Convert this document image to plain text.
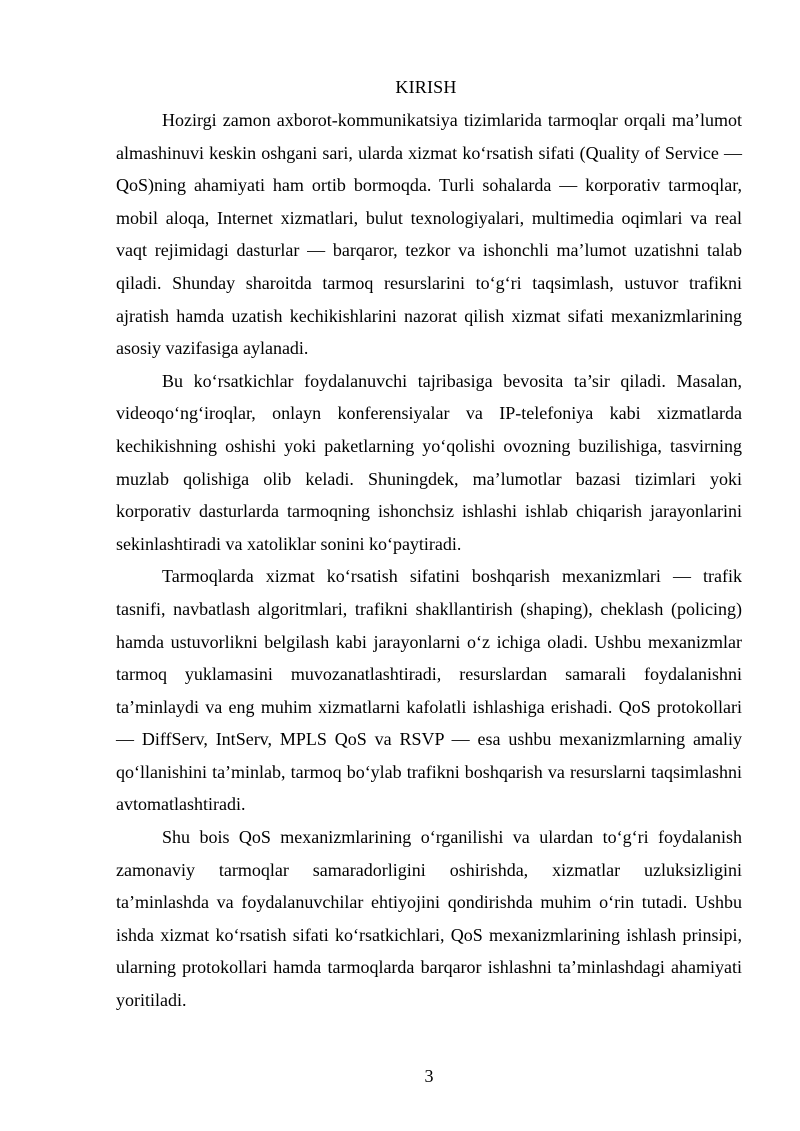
KIRISH

Hozirgi zamon axborot-kommunikatsiya tizimlarida tarmoqlar orqali ma’lumot almashinuvi keskin oshgani sari, ularda xizmat ko‘rsatish sifati (Quality of Service — QoS)ning ahamiyati ham ortib bormoqda. Turli sohalarda — korporativ tarmoqlar, mobil aloqa, Internet xizmatlari, bulut texnologiyalari, multimedia oqimlari va real vaqt rejimidagi dasturlar — barqaror, tezkor va ishonchli ma’lumot uzatishni talab qiladi. Shunday sharoitda tarmoq resurslarini to‘g‘ri taqsimlash, ustuvor trafikni ajratish hamda uzatish kechikishlarini nazorat qilish xizmat sifati mexanizmlarining asosiy vazifasiga aylanadi.

Bu ko‘rsatkichlar foydalanuvchi tajribasiga bevosita ta’sir qiladi. Masalan, videoqo‘ng‘iroqlar, onlayn konferensiyalar va IP-telefoniya kabi xizmatlarda kechikishning oshishi yoki paketlarning yo‘qolishi ovozning buzilishiga, tasvirning muzlab qolishiga olib keladi. Shuningdek, ma’lumotlar bazasi tizimlari yoki korporativ dasturlarda tarmoqning ishonchsiz ishlashi ishlab chiqarish jarayonlarini sekinlashtiradi va xatoliklar sonini ko‘paytiradi.

Tarmoqlarda xizmat ko‘rsatish sifatini boshqarish mexanizmlari — trafik tasnifi, navbatlash algoritmlari, trafikni shakllantirish (shaping), cheklash (policing) hamda ustuvorlikni belgilash kabi jarayonlarni o‘z ichiga oladi. Ushbu mexanizmlar tarmoq yuklamasini muvozanatlashtiradi, resurslardan samarali foydalanishni ta’minlaydi va eng muhim xizmatlarni kafolatli ishlashiga erishadi. QoS protokollari — DiffServ, IntServ, MPLS QoS va RSVP — esa ushbu mexanizmlarning amaliy qo‘llanishini ta’minlab, tarmoq bo‘ylab trafikni boshqarish va resurslarni taqsimlashni avtomatlashtiradi.

Shu bois QoS mexanizmlarining o‘rganilishi va ulardan to‘g‘ri foydalanish zamonaviy tarmoqlar samaradorligini oshirishda, xizmatlar uzluksizligini ta’minlashda va foydalanuvchilar ehtiyojini qondirishda muhim o‘rin tutadi. Ushbu ishda xizmat ko‘rsatish sifati ko‘rsatkichlari, QoS mexanizmlarining ishlash prinsipi, ularning protokollari hamda tarmoqlarda barqaror ishlashni ta’minlashdagi ahamiyati yoritiladi.

3
